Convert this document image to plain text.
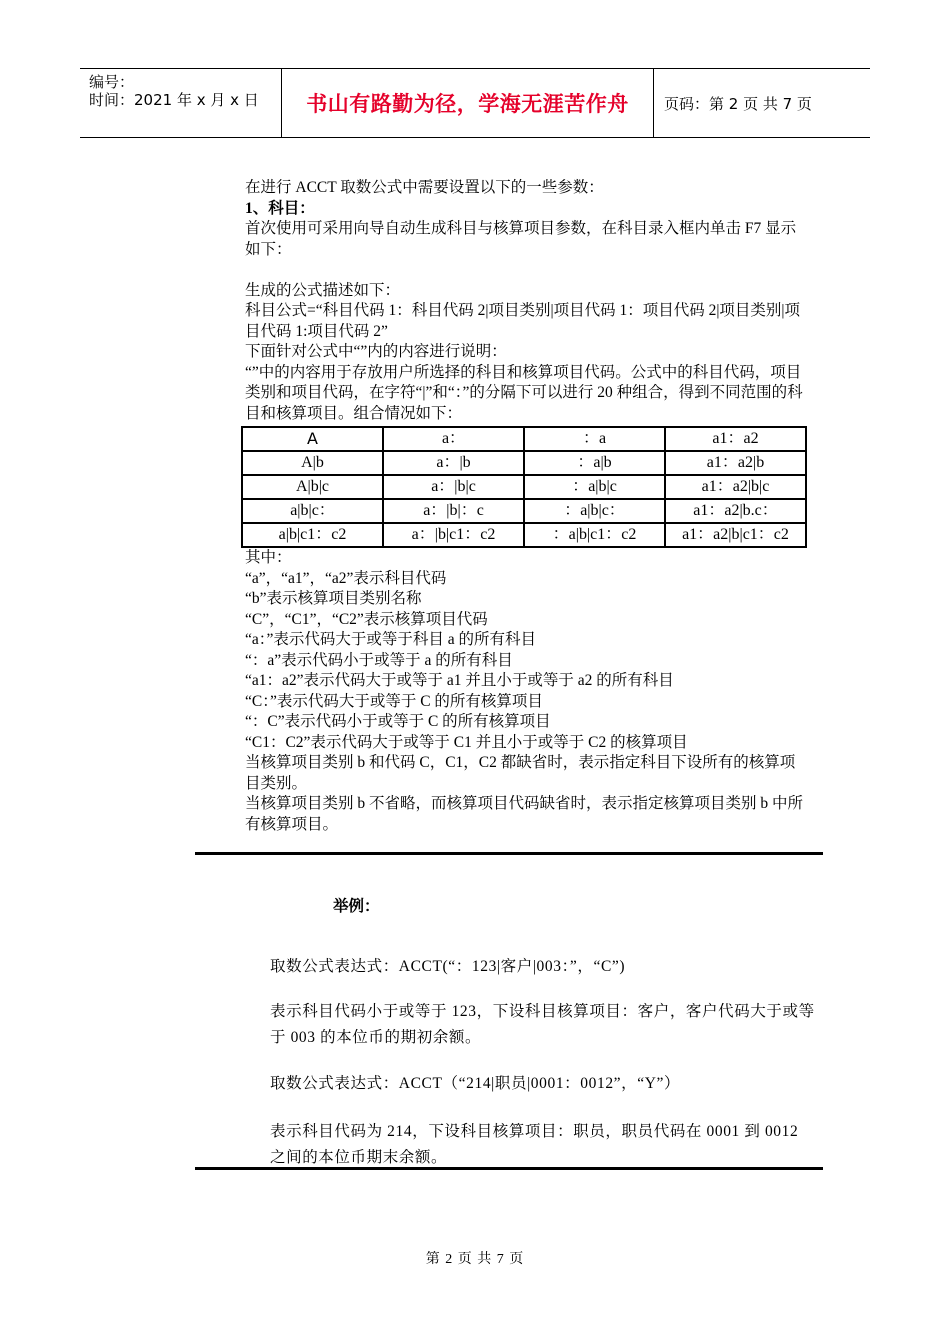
编号：
时间：2021 年 x 月 x 日	书山有路勤为径，学海无涯苦作舟	页码：第 2 页 共 7 页

在进行 ACCT 取数公式中需要设置以下的一些参数：

1、科目：

首次使用可采用向导自动生成科目与核算项目参数，在科目录入框内单击 F7 显示如下：

生成的公式描述如下：

科目公式=“科目代码 1：科目代码 2|项目类别|项目代码 1：项目代码 2|项目类别|项目代码 1:项目代码 2”

下面针对公式中“”内的内容进行说明：

“”中的内容用于存放用户所选择的科目和核算项目代码。公式中的科目代码，项目类别和项目代码，在字符“|”和“：”的分隔下可以进行 20 种组合，得到不同范围的科目和核算项目。组合情况如下：

A	a：	：a	a1：a2
A|b	a：|b	：a|b	a1：a2|b
A|b|c	a：|b|c	：a|b|c	a1：a2|b|c
a|b|c：	a：|b|：c	：a|b|c：	a1：a2|b.c：
a|b|c1：c2	a：|b|c1：c2	：a|b|c1：c2	a1：a2|b|c1：c2

其中：

“a”，“a1”，“a2”表示科目代码

“b”表示核算项目类别名称

“C”，“C1”，“C2”表示核算项目代码

“a：”表示代码大于或等于科目 a 的所有科目

“：a”表示代码小于或等于 a 的所有科目

“a1：a2”表示代码大于或等于 a1 并且小于或等于 a2 的所有科目

“C：”表示代码大于或等于 C 的所有核算项目

“：C”表示代码小于或等于 C 的所有核算项目

“C1：C2”表示代码大于或等于 C1 并且小于或等于 C2 的核算项目

当核算项目类别 b 和代码 C，C1，C2 都缺省时，表示指定科目下设所有的核算项目类别。

当核算项目类别 b 不省略，而核算项目代码缺省时，表示指定核算项目类别 b 中所有核算项目。

举例：

取数公式表达式：ACCT(“：123|客户|003：”，“C”)

表示科目代码小于或等于 123，下设科目核算项目：客户，客户代码大于或等于 003 的本位币的期初余额。

取数公式表达式：ACCT（“214|职员|0001：0012”，“Y”）

表示科目代码为 214，下设科目核算项目：职员，职员代码在 0001 到 0012 之间的本位币期末余额。

第 2 页 共 7 页
